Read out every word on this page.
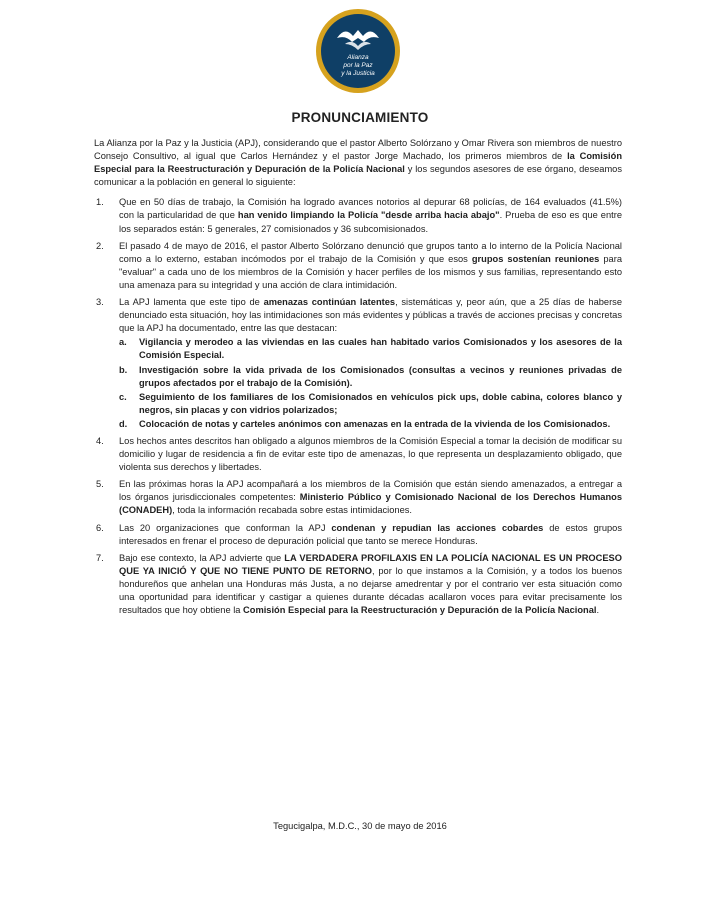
Alianza
por la Paz
y la Justicia
PRONUNCIAMIENTO

La Alianza por la Paz y la Justicia (APJ), considerando que el pastor Alberto Solórzano y Omar Rivera son miembros de nuestro Consejo Consultivo, al igual que Carlos Hernández y el pastor Jorge Machado, los primeros miembros de la Comisión Especial para la Reestructuración y Depuración de la Policía Nacional y los segundos asesores de ese órgano, deseamos comunicar a la población en general lo siguiente:

1. Que en 50 días de trabajo, la Comisión ha logrado avances notorios al depurar 68 policías, de 164 evaluados (41.5%) con la particularidad de que han venido limpiando la Policía "desde arriba hacia abajo". Prueba de eso es que entre los separados están: 5 generales, 27 comisionados y 36 subcomisionados.
2. El pasado 4 de mayo de 2016, el pastor Alberto Solórzano denunció que grupos tanto a lo interno de la Policía Nacional como a lo externo, estaban incómodos por el trabajo de la Comisión y que esos grupos sostenían reuniones para "evaluar" a cada uno de los miembros de la Comisión y hacer perfiles de los mismos y sus familias, representando esto una amenaza para su integridad y una acción de clara intimidación.
3. La APJ lamenta que este tipo de amenazas continúan latentes, sistemáticas y, peor aún, que a 25 días de haberse denunciado esta situación, hoy las intimidaciones son más evidentes y públicas a través de acciones precisas y concretas que la APJ ha documentado, entre las que destacan:
a. Vigilancia y merodeo a las viviendas en las cuales han habitado varios Comisionados y los asesores de la Comisión Especial.
b. Investigación sobre la vida privada de los Comisionados (consultas a vecinos y reuniones privadas de grupos afectados por el trabajo de la Comisión).
c. Seguimiento de los familiares de los Comisionados en vehículos pick ups, doble cabina, colores blanco y negros, sin placas y con vidrios polarizados;
d. Colocación de notas y carteles anónimos con amenazas en la entrada de la vivienda de los Comisionados.
4. Los hechos antes descritos han obligado a algunos miembros de la Comisión Especial a tomar la decisión de modificar su domicilio y lugar de residencia a fin de evitar este tipo de amenazas, lo que representa un desplazamiento obligado, que violenta sus derechos y libertades.
5. En las próximas horas la APJ acompañará a los miembros de la Comisión que están siendo amenazados, a entregar a los órganos jurisdiccionales competentes: Ministerio Público y Comisionado Nacional de los Derechos Humanos (CONADEH), toda la información recabada sobre estas intimidaciones.
6. Las 20 organizaciones que conforman la APJ condenan y repudian las acciones cobardes de estos grupos interesados en frenar el proceso de depuración policial que tanto se merece Honduras.
7. Bajo ese contexto, la APJ advierte que LA VERDADERA PROFILAXIS EN LA POLICÍA NACIONAL ES UN PROCESO QUE YA INICIÓ Y QUE NO TIENE PUNTO DE RETORNO, por lo que instamos a la Comisión, y a todos los buenos hondureños que anhelan una Honduras más Justa, a no dejarse amedrentar y por el contrario ver esta situación como una oportunidad para identificar y castigar a quienes durante décadas acallaron voces para evitar precisamente los resultados que hoy obtiene la Comisión Especial para la Reestructuración y Depuración de la Policía Nacional.
Tegucigalpa, M.D.C., 30 de mayo de 2016
